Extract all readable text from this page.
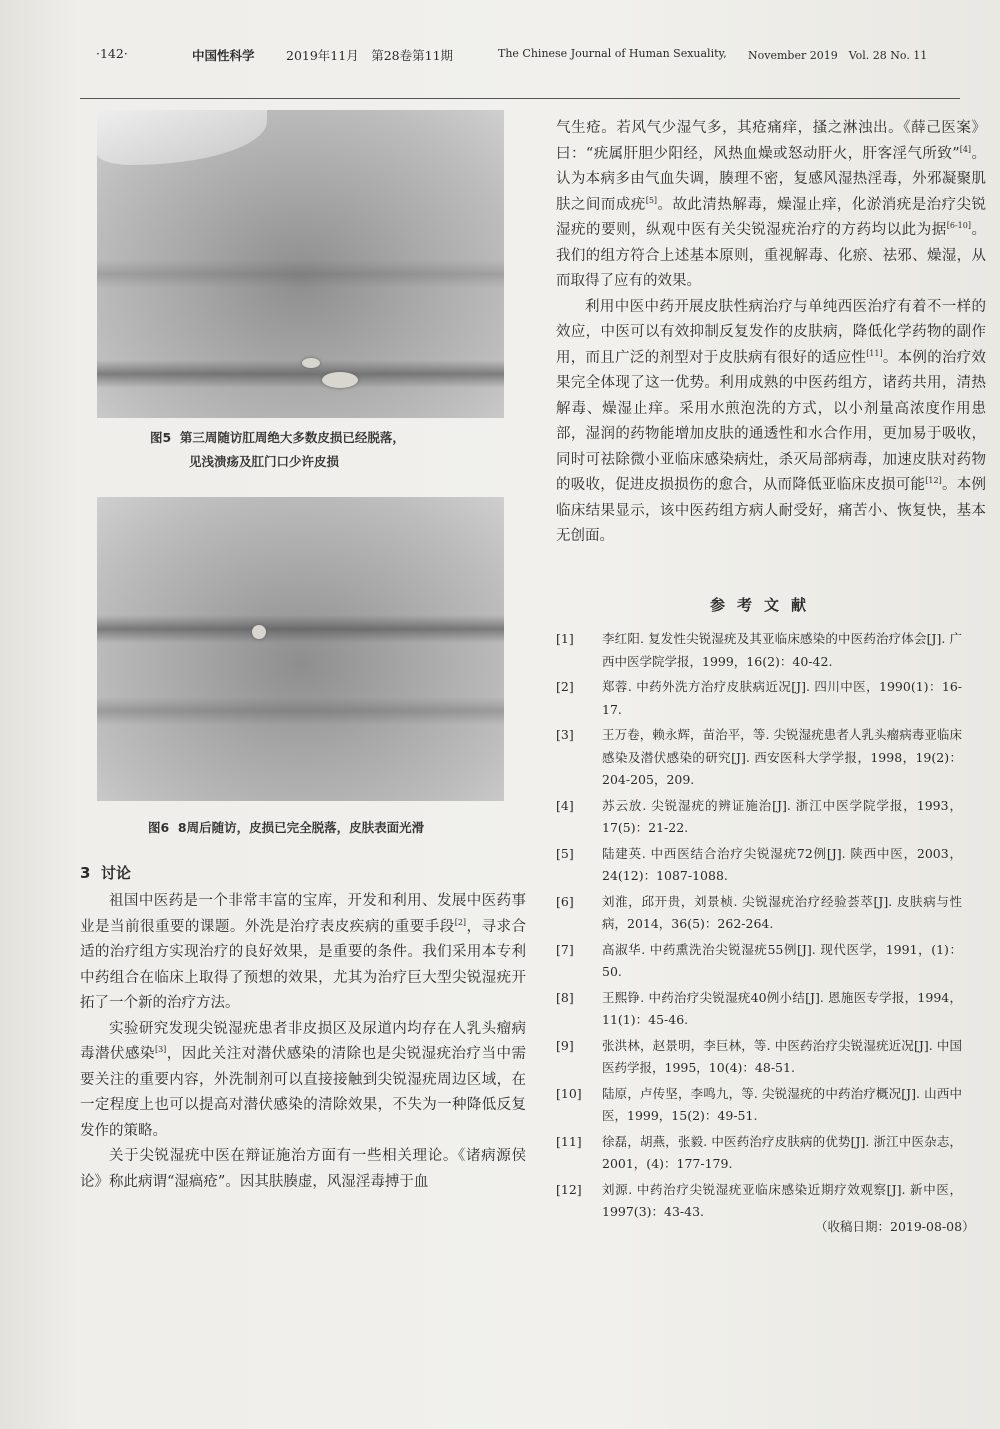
·142·	中国性科学	2019年11月　第28卷第11期	The Chinese Journal of Human Sexuality, November 2019　Vol. 28 No. 11
图5 第三周随访肛周绝大多数皮损已经脱落，
见浅溃疡及肛门口少许皮损
图6 8周后随访，皮损已完全脱落，皮肤表面光滑
3 讨论

祖国中医药是一个非常丰富的宝库，开发和利用、发展中医药事业是当前很重要的课题。外洗是治疗表皮疾病的重要手段[2]，寻求合适的治疗组方实现治疗的良好效果，是重要的条件。我们采用本专利中药组合在临床上取得了预想的效果，尤其为治疗巨大型尖锐湿疣开拓了一个新的治疗方法。

实验研究发现尖锐湿疣患者非皮损区及尿道内均存在人乳头瘤病毒潜伏感染[3]，因此关注对潜伏感染的清除也是尖锐湿疣治疗当中需要关注的重要内容，外洗制剂可以直接接触到尖锐湿疣周边区域，在一定程度上也可以提高对潜伏感染的清除效果，不失为一种降低反复发作的策略。

关于尖锐湿疣中医在辩证施治方面有一些相关理论。《诸病源侯论》称此病谓“湿瘑疮”。因其肤腠虚，风湿淫毒搏于血

气生疮。若风气少湿气多，其疮痛痒，搔之淋浊出。《薛己医案》曰：“疣属肝胆少阳经，风热血燥或怒动肝火，肝客淫气所致”[4]。认为本病多由气血失调，腠理不密，复感风湿热淫毒，外邪凝聚肌肤之间而成疣[5]。故此清热解毒，燥湿止痒，化淤消疣是治疗尖锐湿疣的要则，纵观中医有关尖锐湿疣治疗的方药均以此为据[6-10]。我们的组方符合上述基本原则，重视解毒、化瘀、祛邪、燥湿，从而取得了应有的效果。

利用中医中药开展皮肤性病治疗与单纯西医治疗有着不一样的效应，中医可以有效抑制反复发作的皮肤病，降低化学药物的副作用，而且广泛的剂型对于皮肤病有很好的适应性[11]。本例的治疗效果完全体现了这一优势。利用成熟的中医药组方，诸药共用，清热解毒、燥湿止痒。采用水煎泡洗的方式，以小剂量高浓度作用患部，湿润的药物能增加皮肤的通透性和水合作用，更加易于吸收，同时可祛除微小亚临床感染病灶，杀灭局部病毒，加速皮肤对药物的吸收，促进皮损损伤的愈合，从而降低亚临床皮损可能[12]。本例临床结果显示，该中医药组方病人耐受好，痛苦小、恢复快，基本无创面。

参考文献
[1]	李红阳. 复发性尖锐湿疣及其亚临床感染的中医药治疗体会[J]. 广西中医学院学报，1999，16(2)：40-42.
[2]	郑蓉. 中药外洗方治疗皮肤病近况[J]. 四川中医，1990(1)：16-17.
[3]	王万卷，赖永辉，苗治平，等. 尖锐湿疣患者人乳头瘤病毒亚临床感染及潜伏感染的研究[J]. 西安医科大学学报，1998，19(2)：204-205，209.
[4]	苏云放. 尖锐湿疣的辨证施治[J]. 浙江中医学院学报，1993，17(5)：21-22.
[5]	陆建英. 中西医结合治疗尖锐湿疣72例[J]. 陕西中医，2003，24(12)：1087-1088.
[6]	刘淮，邱开贵，刘景桢. 尖锐湿疣治疗经验荟萃[J]. 皮肤病与性病，2014，36(5)：262-264.
[7]	高淑华. 中药熏洗治尖锐湿疣55例[J]. 现代医学，1991，(1)：50.
[8]	王熙铮. 中药治疗尖锐湿疣40例小结[J]. 恩施医专学报，1994，11(1)：45-46.
[9]	张洪林，赵景明，李巨林，等. 中医药治疗尖锐湿疣近况[J]. 中国医药学报，1995，10(4)：48-51.
[10]	陆原，卢传坚，李鸣九，等. 尖锐湿疣的中药治疗概况[J]. 山西中医，1999，15(2)：49-51.
[11]	徐磊，胡燕，张毅. 中医药治疗皮肤病的优势[J]. 浙江中医杂志，2001，(4)：177-179.
[12]	刘源. 中药治疗尖锐湿疣亚临床感染近期疗效观察[J]. 新中医，1997(3)：43-43.
（收稿日期：2019-08-08）
